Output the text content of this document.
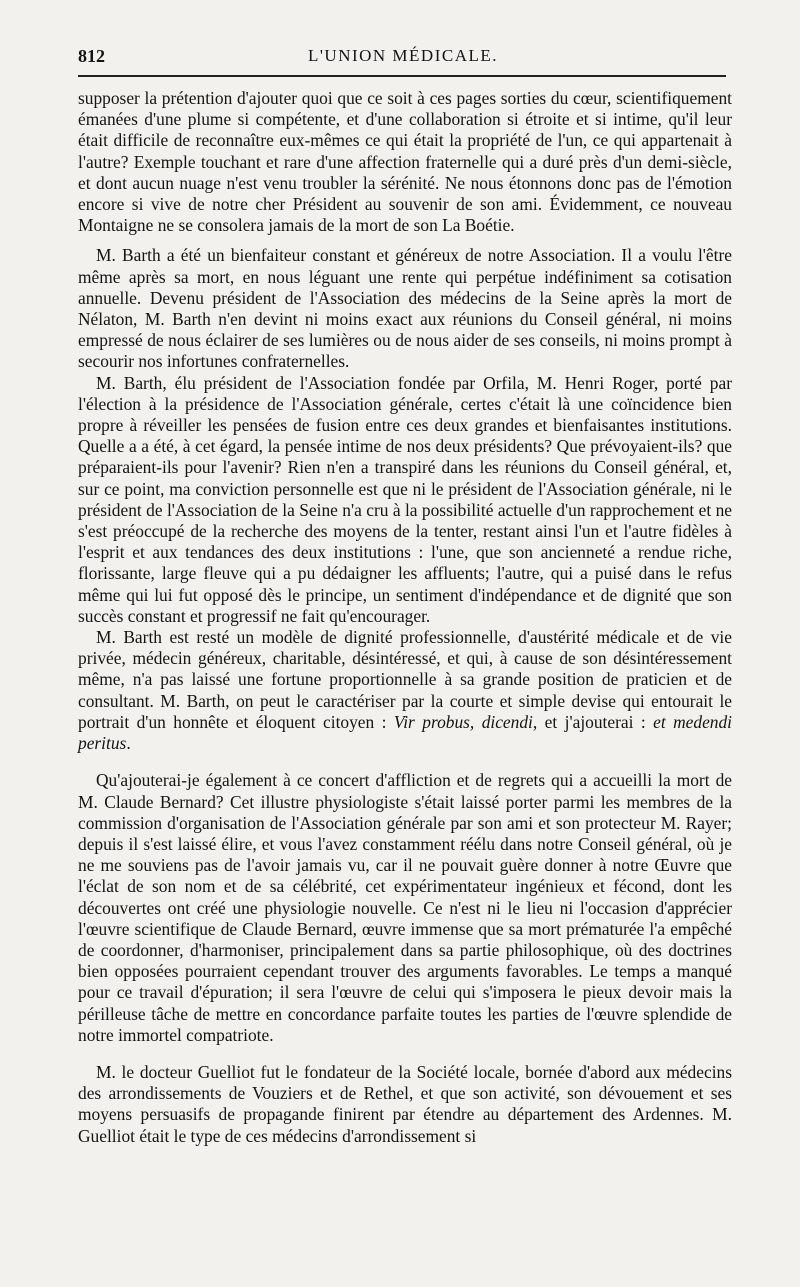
812	L'UNION MÉDICALE.

supposer la prétention d'ajouter quoi que ce soit à ces pages sorties du cœur, scientifiquement émanées d'une plume si compétente, et d'une collaboration si étroite et si intime, qu'il leur était difficile de reconnaître eux-mêmes ce qui était la propriété de l'un, ce qui appartenait à l'autre? Exemple touchant et rare d'une affection fraternelle qui a duré près d'un demi-siècle, et dont aucun nuage n'est venu troubler la sérénité. Ne nous étonnons donc pas de l'émotion encore si vive de notre cher Président au souvenir de son ami. Évidemment, ce nouveau Montaigne ne se consolera jamais de la mort de son La Boétie.

M. Barth a été un bienfaiteur constant et généreux de notre Association. Il a voulu l'être même après sa mort, en nous léguant une rente qui perpétue indéfiniment sa cotisation annuelle. Devenu président de l'Association des médecins de la Seine après la mort de Nélaton, M. Barth n'en devint ni moins exact aux réunions du Conseil général, ni moins empressé de nous éclairer de ses lumières ou de nous aider de ses conseils, ni moins prompt à secourir nos infortunes confraternelles.

M. Barth, élu président de l'Association fondée par Orfila, M. Henri Roger, porté par l'élection à la présidence de l'Association générale, certes c'était là une coïncidence bien propre à réveiller les pensées de fusion entre ces deux grandes et bienfaisantes institutions. Quelle a a été, à cet égard, la pensée intime de nos deux présidents? Que prévoyaient-ils? que préparaient-ils pour l'avenir? Rien n'en a transpiré dans les réunions du Conseil général, et, sur ce point, ma conviction personnelle est que ni le président de l'Association générale, ni le président de l'Association de la Seine n'a cru à la possibilité actuelle d'un rapprochement et ne s'est préoccupé de la recherche des moyens de la tenter, restant ainsi l'un et l'autre fidèles à l'esprit et aux tendances des deux institutions : l'une, que son ancienneté a rendue riche, florissante, large fleuve qui a pu dédaigner les affluents; l'autre, qui a puisé dans le refus même qui lui fut opposé dès le principe, un sentiment d'indépendance et de dignité que son succès constant et progressif ne fait qu'encourager.

M. Barth est resté un modèle de dignité professionnelle, d'austérité médicale et de vie privée, médecin généreux, charitable, désintéressé, et qui, à cause de son désintéressement même, n'a pas laissé une fortune proportionnelle à sa grande position de praticien et de consultant. M. Barth, on peut le caractériser par la courte et simple devise qui entourait le portrait d'un honnête et éloquent citoyen : Vir probus, dicendi, et j'ajouterai : et medendi peritus.

Qu'ajouterai-je également à ce concert d'affliction et de regrets qui a accueilli la mort de M. Claude Bernard? Cet illustre physiologiste s'était laissé porter parmi les membres de la commission d'organisation de l'Association générale par son ami et son protecteur M. Rayer; depuis il s'est laissé élire, et vous l'avez constamment réélu dans notre Conseil général, où je ne me souviens pas de l'avoir jamais vu, car il ne pouvait guère donner à notre Œuvre que l'éclat de son nom et de sa célébrité, cet expérimentateur ingénieux et fécond, dont les découvertes ont créé une physiologie nouvelle. Ce n'est ni le lieu ni l'occasion d'apprécier l'œuvre scientifique de Claude Bernard, œuvre immense que sa mort prématurée l'a empêché de coordonner, d'harmoniser, principalement dans sa partie philosophique, où des doctrines bien opposées pourraient cependant trouver des arguments favorables. Le temps a manqué pour ce travail d'épuration; il sera l'œuvre de celui qui s'imposera le pieux devoir mais la périlleuse tâche de mettre en concordance parfaite toutes les parties de l'œuvre splendide de notre immortel compatriote.

M. le docteur Guelliot fut le fondateur de la Société locale, bornée d'abord aux médecins des arrondissements de Vouziers et de Rethel, et que son activité, son dévouement et ses moyens persuasifs de propagande finirent par étendre au département des Ardennes. M. Guelliot était le type de ces médecins d'arrondissement si
